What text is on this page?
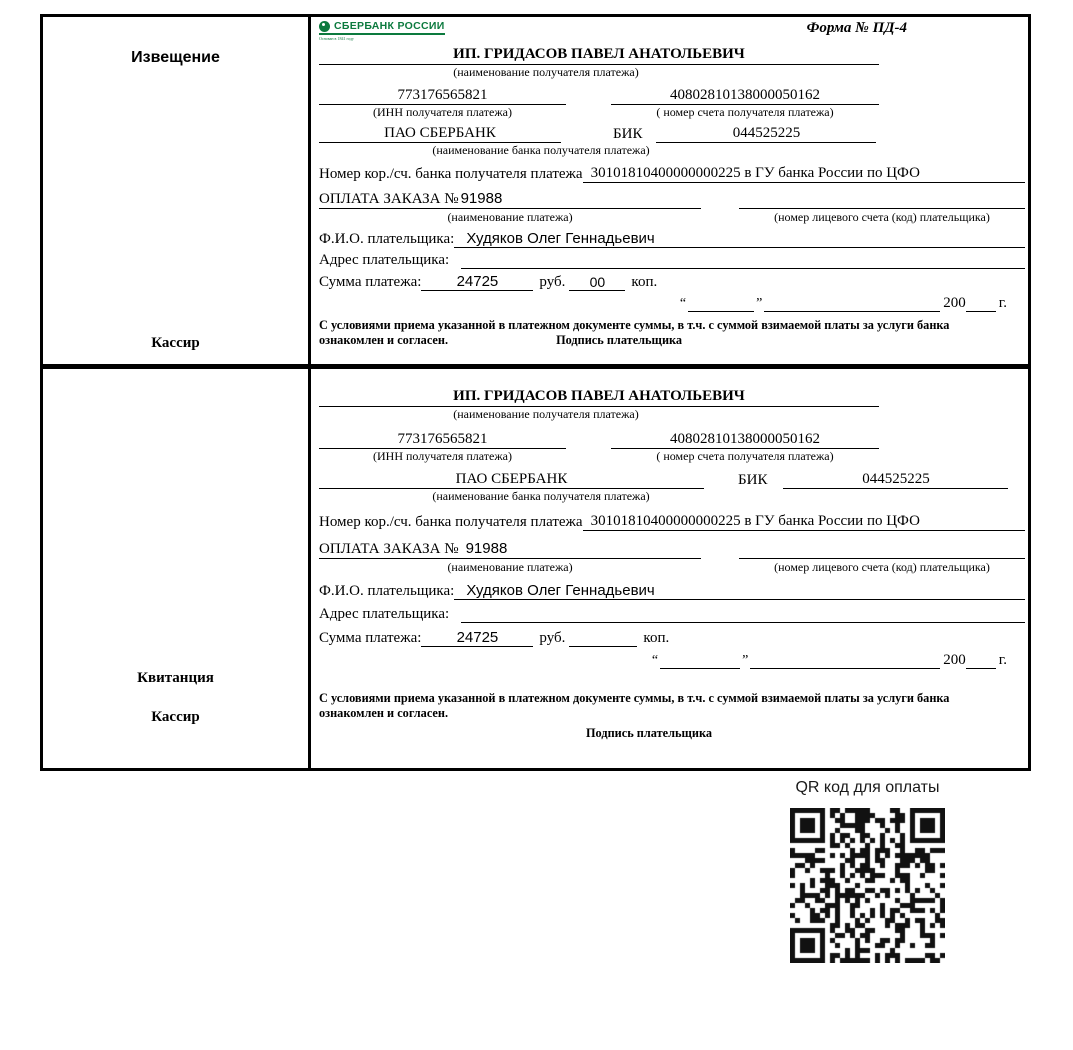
Извещение
Кассир
СБЕРБАНК РОССИИ
Основан в 1841 году
Форма № ПД-4
ИП. ГРИДАСОВ ПАВЕЛ АНАТОЛЬЕВИЧ
(наименование получателя платежа)
773176565821	40802810138000050162
(ИНН получателя платежа)	( номер счета получателя платежа)
ПАО СБЕРБАНК	БИК	044525225
(наименование банка получателя платежа)
Номер кор./сч. банка получателя платежа 30101810400000000225 в ГУ банка России по ЦФО
ОПЛАТА ЗАКАЗА № 91988
(наименование платежа)	(номер лицевого счета (код) плательщика)
Ф.И.О. плательщика: Худяков Олег Геннадьевич
Адрес плательщика:
Сумма платежа:	24725	руб.	00	коп.
“	”	200 г.
С условиями приема указанной в платежном документе суммы, в т.ч. с суммой взимаемой платы за услуги банка
ознакомлен и согласен.	Подпись плательщика
Квитанция
Кассир
ИП. ГРИДАСОВ ПАВЕЛ АНАТОЛЬЕВИЧ
(наименование получателя платежа)
773176565821	40802810138000050162
(ИНН получателя платежа)	( номер счета получателя платежа)
ПАО СБЕРБАНК	БИК	044525225
(наименование банка получателя платежа)
Номер кор./сч. банка получателя платежа 30101810400000000225 в ГУ банка России по ЦФО
ОПЛАТА ЗАКАЗА № 91988
(наименование платежа)	(номер лицевого счета (код) плательщика)
Ф.И.О. плательщика: Худяков Олег Геннадьевич
Адрес плательщика:
Сумма платежа:	24725	руб.	коп.
“	”	200 г.
С условиями приема указанной в платежном документе суммы, в т.ч. с суммой взимаемой платы за услуги банка
ознакомлен и согласен.
Подпись плательщика
QR код для оплаты
